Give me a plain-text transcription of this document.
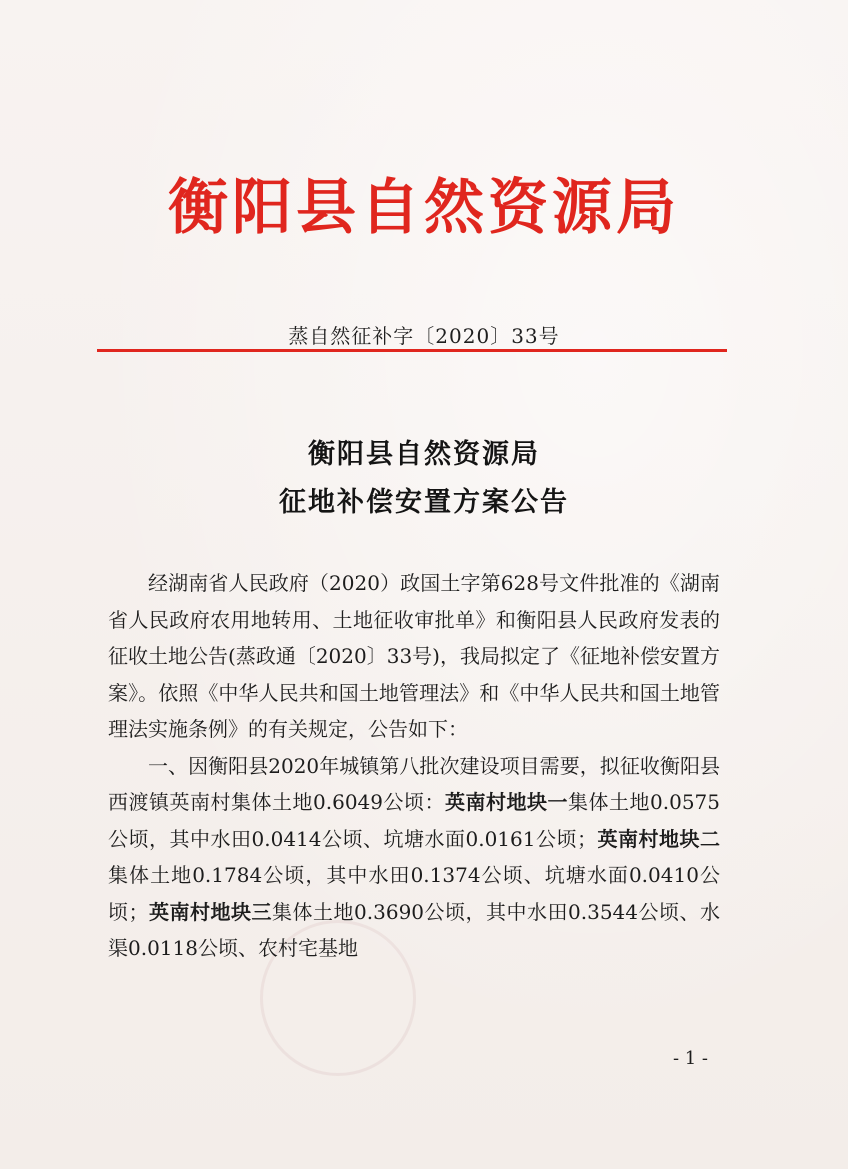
衡阳县自然资源局
蒸自然征补字〔2020〕33号
衡阳县自然资源局
征地补偿安置方案公告

经湖南省人民政府（2020）政国土字第628号文件批准的《湖南省人民政府农用地转用、土地征收审批单》和衡阳县人民政府发表的征收土地公告(蒸政通〔2020〕33号)，我局拟定了《征地补偿安置方案》。依照《中华人民共和国土地管理法》和《中华人民共和国土地管理法实施条例》的有关规定，公告如下：

一、因衡阳县2020年城镇第八批次建设项目需要，拟征收衡阳县西渡镇英南村集体土地0.6049公顷：英南村地块一集体土地0.0575公顷，其中水田0.0414公顷、坑塘水面0.0161公顷；英南村地块二集体土地0.1784公顷，其中水田0.1374公顷、坑塘水面0.0410公顷；英南村地块三集体土地0.3690公顷，其中水田0.3544公顷、水渠0.0118公顷、农村宅基地

- 1 -
